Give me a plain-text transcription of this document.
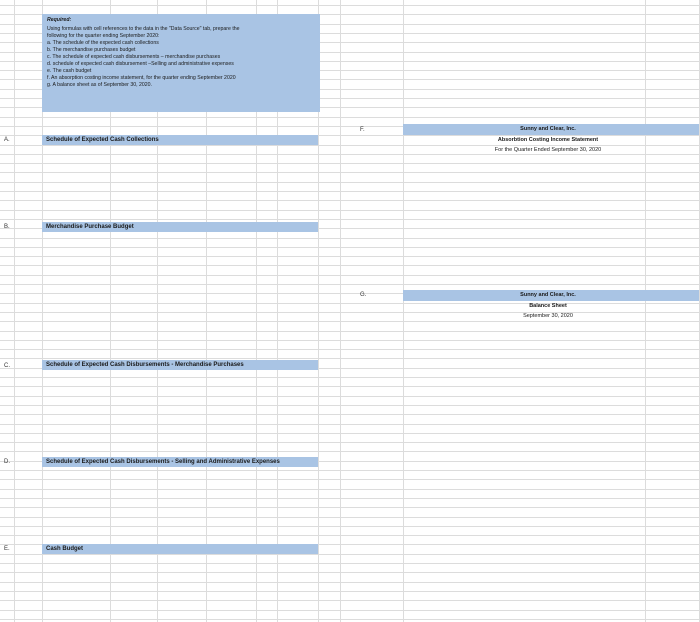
Required:
Using formulas with cell references to the data in the "Data Source" tab, prepare the
following for the quarter ending September 2020:
a. The schedule of the expected cash collections
b. The merchandise purchases budget
c. The schedule of expected cash disbursements – merchandise purchases
d. schedule of expected cash disbursement –Selling and administrative expenses
e. The cash budget
f. An absorption costing income statement, for the quarter ending September 2020
g. A balance sheet as of September 30, 2020.
A.	Schedule of Expected Cash Collections
B.	Merchandise Purchase Budget
C.	Schedule of Expected Cash Disbursements - Merchandise Purchases
D.	Schedule of Expected Cash Disbursements - Selling and Administrative Expenses
E.	Cash Budget
F.	Sunny and Clear, Inc.
Absorbtion Costing Income Statement
For the Quarter Ended September 30, 2020
G.	Sunny and Clear, Inc.
Balance Sheet
September 30, 2020
